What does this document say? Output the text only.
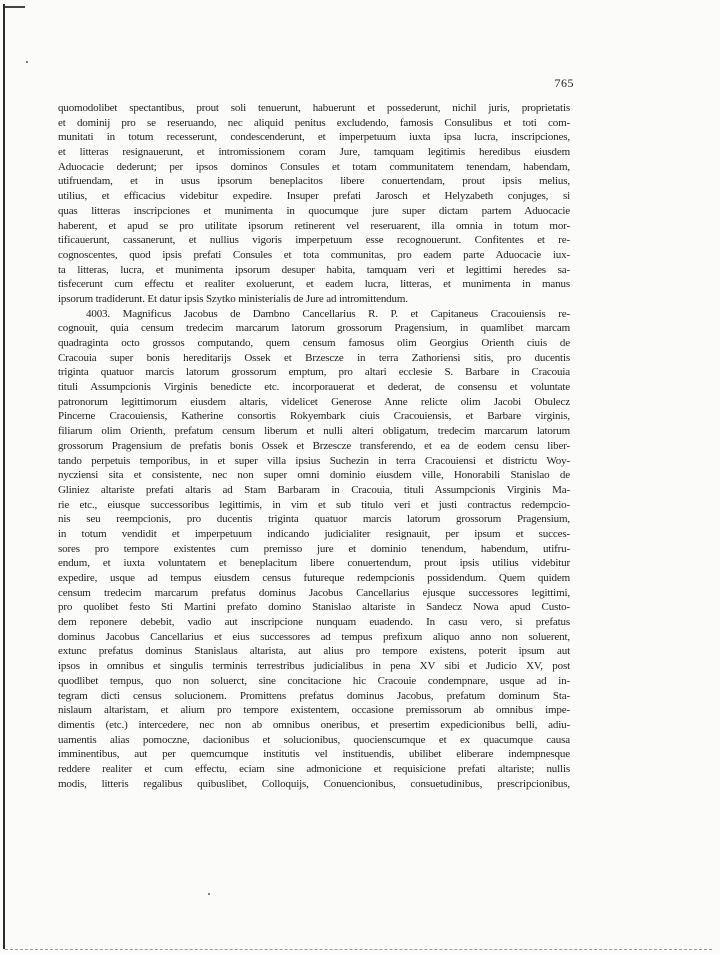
765
quomodolibet spectantibus, prout soli tenuerunt, habuerunt et possederunt, nichil juris, proprietatis
et dominij pro se reseruando, nec aliquid penitus excludendo, famosis Consulibus et toti com-
munitati in totum recesserunt, condescenderunt, et imperpetuum iuxta ipsa lucra, inscripciones,
et litteras resignauerunt, et intromissionem coram Jure, tamquam legitimis heredibus eiusdem
Aduocacie dederunt; per ipsos dominos Consules et totam communitatem tenendam, habendam,
utifruendam, et in usus ipsorum beneplacitos libere conuertendam, prout ipsis melius,
utilius, et efficacius videbitur expedire. Insuper prefati Jarosch et Helyzabeth conjuges, si
quas litteras inscripciones et munimenta in quocumque jure super dictam partem Aduocacie
haberent, et apud se pro utilitate ipsorum retinerent vel reseruarent, illa omnia in totum mor-
tificauerunt, cassanerunt, et nullius vigoris imperpetuum esse recognouerunt. Confitentes et re-
cognoscentes, quod ipsis prefati Consules et tota communitas, pro eadem parte Aduocacie iux-
ta litteras, lucra, et munimenta ipsorum desuper habita, tamquam veri et legittimi heredes sa-
tisfecerunt cum effectu et realiter exoluerunt, et eadem lucra, litteras, et munimenta in manus
ipsorum tradiderunt. Et datur ipsis Szytko ministerialis de Jure ad intromittendum.
4003. Magnificus Jacobus de Dambno Cancellarius R. P. et Capitaneus Cracouiensis re-
cognouit, quia censum tredecim marcarum latorum grossorum Pragensium, in quamlibet marcam
quadraginta octo grossos computando, quem censum famosus olim Georgius Orienth ciuis de
Cracouia super bonis hereditarijs Ossek et Brzescze in terra Zathoriensi sitis, pro ducentis
triginta quatuor marcis latorum grossorum emptum, pro altari ecclesie S. Barbare in Cracouia
tituli Assumpcionis Virginis benedicte etc. incorporauerat et dederat, de consensu et voluntate
patronorum legittimorum eiusdem altaris, videlicet Generose Anne relicte olim Jacobi Obulecz
Pincerne Cracouiensis, Katherine consortis Rokyembark ciuis Cracouiensis, et Barbare virginis,
filiarum olim Orienth, prefatum censum liberum et nulli alteri obligatum, tredecim marcarum latorum
grossorum Pragensium de prefatis bonis Ossek et Brzescze transferendo, et ea de eodem censu liber-
tando perpetuis temporibus, in et super villa ipsius Suchezin in terra Cracouiensi et districtu Woy-
nycziensi sita et consistente, nec non super omni dominio eiusdem ville, Honorabili Stanislao de
Gliniez altariste prefati altaris ad Stam Barbaram in Cracouia, tituli Assumpcionis Virginis Ma-
rie etc., eiusque successoribus legittimis, in vim et sub titulo veri et justi contractus redempcio-
nis seu reempcionis, pro ducentis triginta quatuor marcis latorum grossorum Pragensium,
in totum vendidit et imperpetuum indicando judicialiter resignauit, per ipsum et succes-
sores pro tempore existentes cum premisso jure et dominio tenendum, habendum, utifru-
endum, et iuxta voluntatem et beneplacitum libere conuertendum, prout ipsis utilius videbitur
expedire, usque ad tempus eiusdem census futureque redempcionis possidendum. Quem quidem
censum tredecim marcarum prefatus dominus Jacobus Cancellarius ejusque successores legittimi,
pro quolibet festo Sti Martini prefato domino Stanislao altariste in Sandecz Nowa apud Custo-
dem reponere debebit, vadio aut inscripcione nunquam euadendo. In casu vero, si prefatus
dominus Jacobus Cancellarius et eius successores ad tempus prefixum aliquo anno non soluerent,
extunc prefatus dominus Stanislaus altarista, aut alius pro tempore existens, poterit ipsum aut
ipsos in omnibus et singulis terminis terrestribus judicialibus in pena XV sibi et Judicio XV, post
quodlibet tempus, quo non soluerct, sine concitacione hic Cracouie condempnare, usque ad in-
tegram dicti census solucionem. Promittens prefatus dominus Jacobus, prefatum dominum Sta-
nislaum altaristam, et alium pro tempore existentem, occasione premissorum ab omnibus impe-
dimentis (etc.) intercedere, nec non ab omnibus oneribus, et presertim expedicionibus belli, adiu-
uamentis alias pomoczne, dacionibus et solucionibus, quocienscumque et ex quacumque causa
imminentibus, aut per quemcumque institutis vel instituendis, ubilibet eliberare indempnesque
reddere realiter et cum effectu, eciam sine admonicione et requisicione prefati altariste; nullis
modis, litteris regalibus quibuslibet, Colloquijs, Conuencionibus, consuetudinibus, prescripcionibus,
